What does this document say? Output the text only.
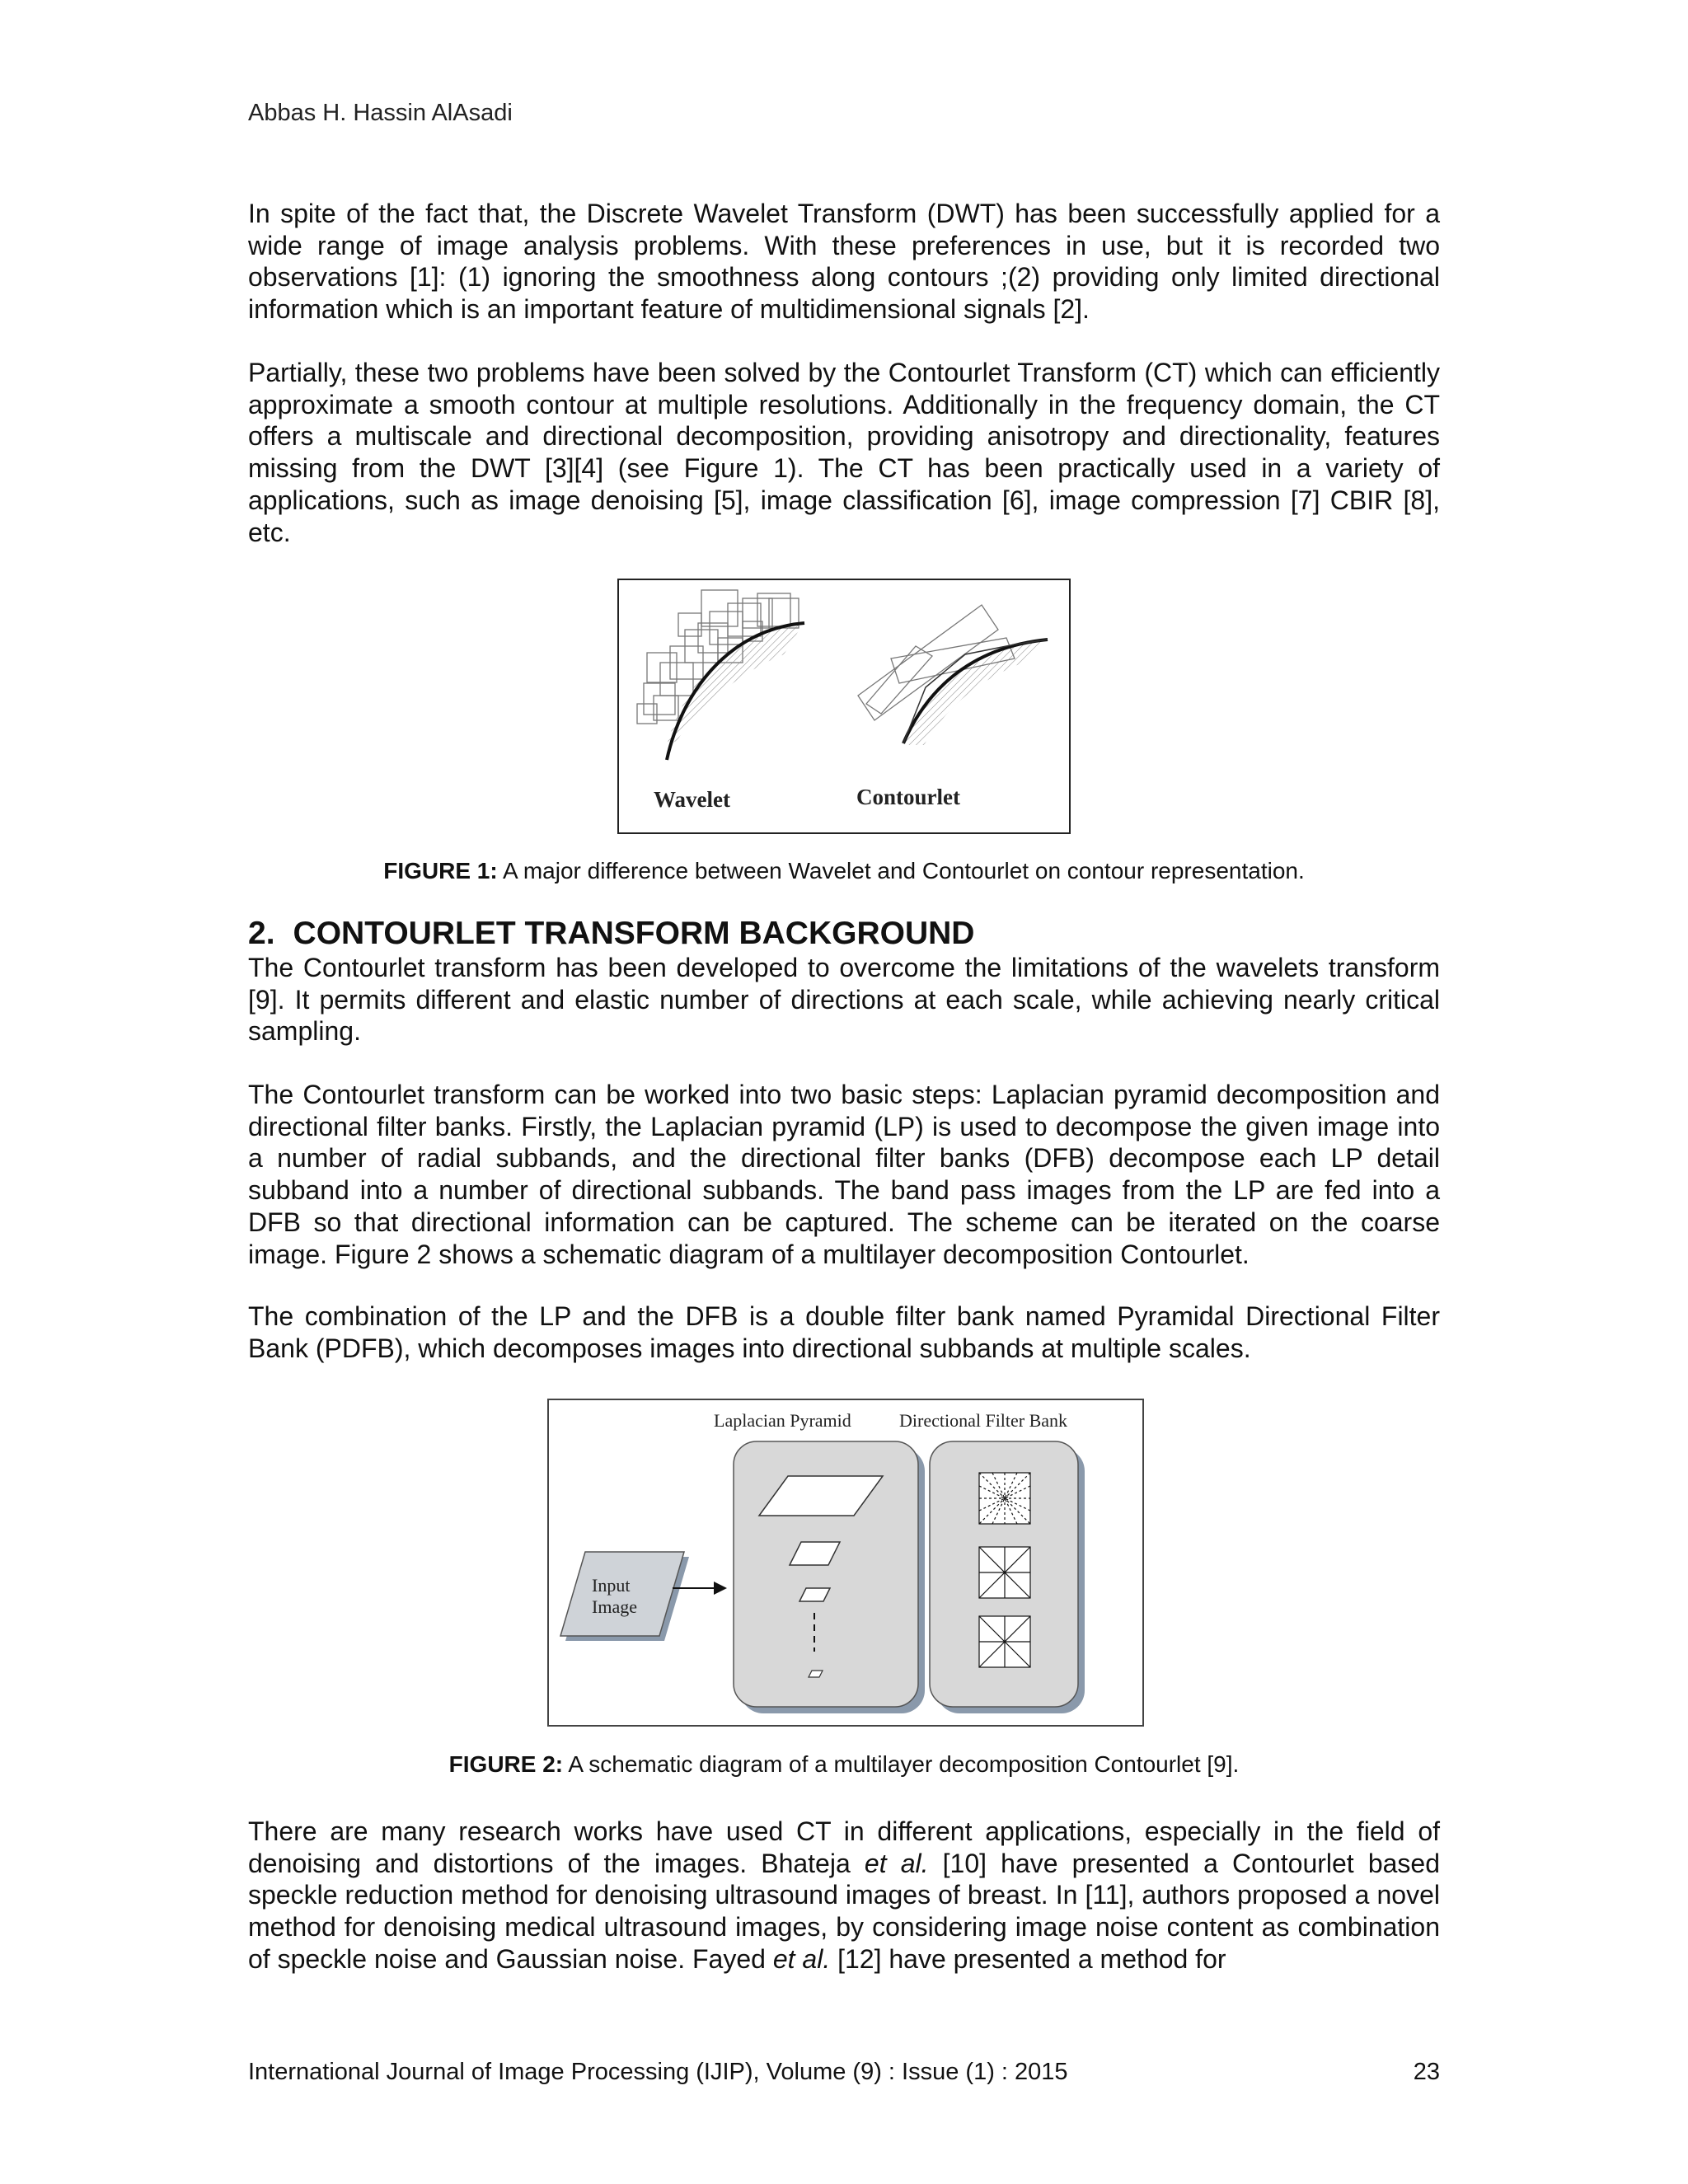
Abbas H. Hassin AlAsadi

In spite of the fact that, the Discrete Wavelet Transform (DWT) has been successfully applied for a wide range of image analysis problems. With these preferences in use, but it is recorded two observations [1]: (1) ignoring the smoothness along contours ;(2) providing only limited directional information which is an important feature of multidimensional signals [2].

Partially, these two problems have been solved by the Contourlet Transform (CT) which can efficiently approximate a smooth contour at multiple resolutions. Additionally in the frequency domain, the CT offers a multiscale and directional decomposition, providing anisotropy and directionality, features missing from the DWT [3][4] (see Figure 1). The CT has been practically used in a variety of applications, such as image denoising [5], image classification [6], image compression [7] CBIR [8], etc.

Wavelet	Contourlet
FIGURE 1: A major difference between Wavelet and Contourlet on contour representation.
2. CONTOURLET TRANSFORM BACKGROUND

The Contourlet transform has been developed to overcome the limitations of the wavelets transform [9]. It permits different and elastic number of directions at each scale, while achieving nearly critical sampling.

The Contourlet transform can be worked into two basic steps: Laplacian pyramid decomposition and directional filter banks. Firstly, the Laplacian pyramid (LP) is used to decompose the given image into a number of radial subbands, and the directional filter banks (DFB) decompose each LP detail subband into a number of directional subbands. The band pass images from the LP are fed into a DFB so that directional information can be captured. The scheme can be iterated on the coarse image. Figure 2 shows a schematic diagram of a multilayer decomposition Contourlet.

The combination of the LP and the DFB is a double filter bank named Pyramidal Directional Filter Bank (PDFB), which decomposes images into directional subbands at multiple scales.

Laplacian Pyramid	Directional Filter Bank
Input
Image
FIGURE 2: A schematic diagram of a multilayer decomposition Contourlet [9].

There are many research works have used CT in different applications, especially in the field of denoising and distortions of the images. Bhateja et al. [10] have presented a Contourlet based speckle reduction method for denoising ultrasound images of breast. In [11], authors proposed a novel method for denoising medical ultrasound images, by considering image noise content as combination of speckle noise and Gaussian noise. Fayed et al. [12] have presented a method for

International Journal of Image Processing (IJIP), Volume (9) : Issue (1) : 2015	23
